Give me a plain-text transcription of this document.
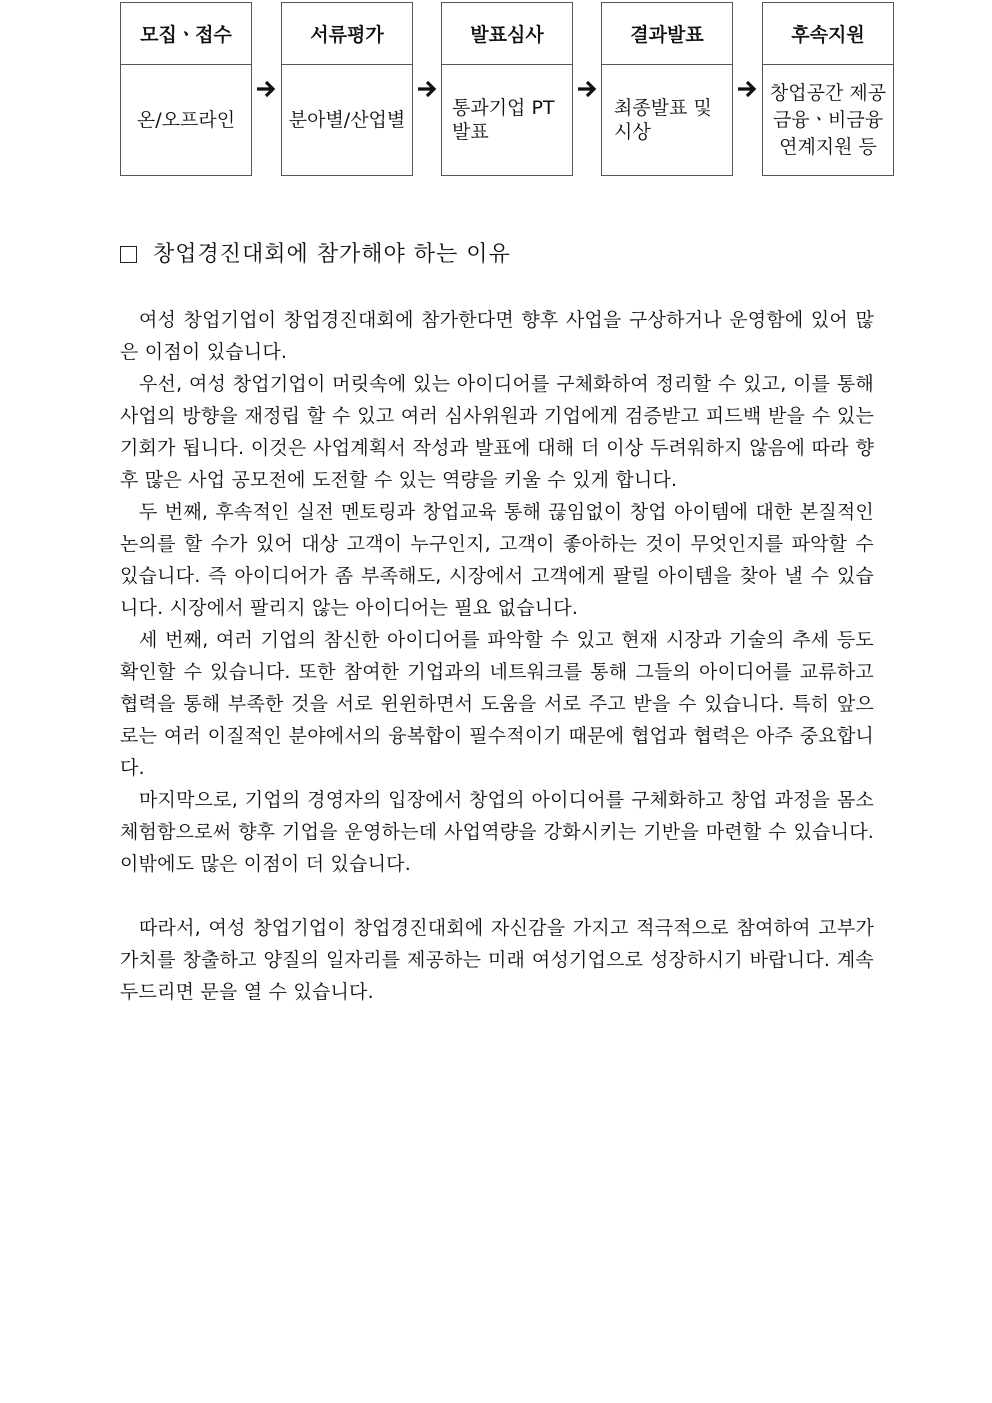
모집ㆍ접수
온/오프라인
서류평가
분아별/산업별
발표심사
통과기업 PT 발표
결과발표
최종발표 및 시상
후속지원
창업공간 제공 금융ㆍ비금융 연계지원 등
창업경진대회에 참가해야 하는 이유

여성 창업기업이 창업경진대회에 참가한다면 향후 사업을 구상하거나 운영함에 있어 많은 이점이 있습니다.

우선, 여성 창업기업이 머릿속에 있는 아이디어를 구체화하여 정리할 수 있고, 이를 통해 사업의 방향을 재정립 할 수 있고 여러 심사위원과 기업에게 검증받고 피드백 받을 수 있는 기회가 됩니다. 이것은 사업계획서 작성과 발표에 대해 더 이상 두려워하지 않음에 따라 향후 많은 사업 공모전에 도전할 수 있는 역량을 키울 수 있게 합니다.

두 번째, 후속적인 실전 멘토링과 창업교육 통해 끊임없이 창업 아이템에 대한 본질적인 논의를 할 수가 있어 대상 고객이 누구인지, 고객이 좋아하는 것이 무엇인지를 파악할 수 있습니다. 즉 아이디어가 좀 부족해도, 시장에서 고객에게 팔릴 아이템을 찾아 낼 수 있습니다. 시장에서 팔리지 않는 아이디어는 필요 없습니다.

세 번째, 여러 기업의 참신한 아이디어를 파악할 수 있고 현재 시장과 기술의 추세 등도 확인할 수 있습니다. 또한 참여한 기업과의 네트워크를 통해 그들의 아이디어를 교류하고 협력을 통해 부족한 것을 서로 윈윈하면서 도움을 서로 주고 받을 수 있습니다. 특히 앞으로는 여러 이질적인 분야에서의 융복합이 필수적이기 때문에 협업과 협력은 아주 중요합니다.

마지막으로, 기업의 경영자의 입장에서 창업의 아이디어를 구체화하고 창업 과정을 몸소 체험함으로써 향후 기업을 운영하는데 사업역량을 강화시키는 기반을 마련할 수 있습니다. 이밖에도 많은 이점이 더 있습니다.

따라서, 여성 창업기업이 창업경진대회에 자신감을 가지고 적극적으로 참여하여 고부가가치를 창출하고 양질의 일자리를 제공하는 미래 여성기업으로 성장하시기 바랍니다. 계속 두드리면 문을 열 수 있습니다.
